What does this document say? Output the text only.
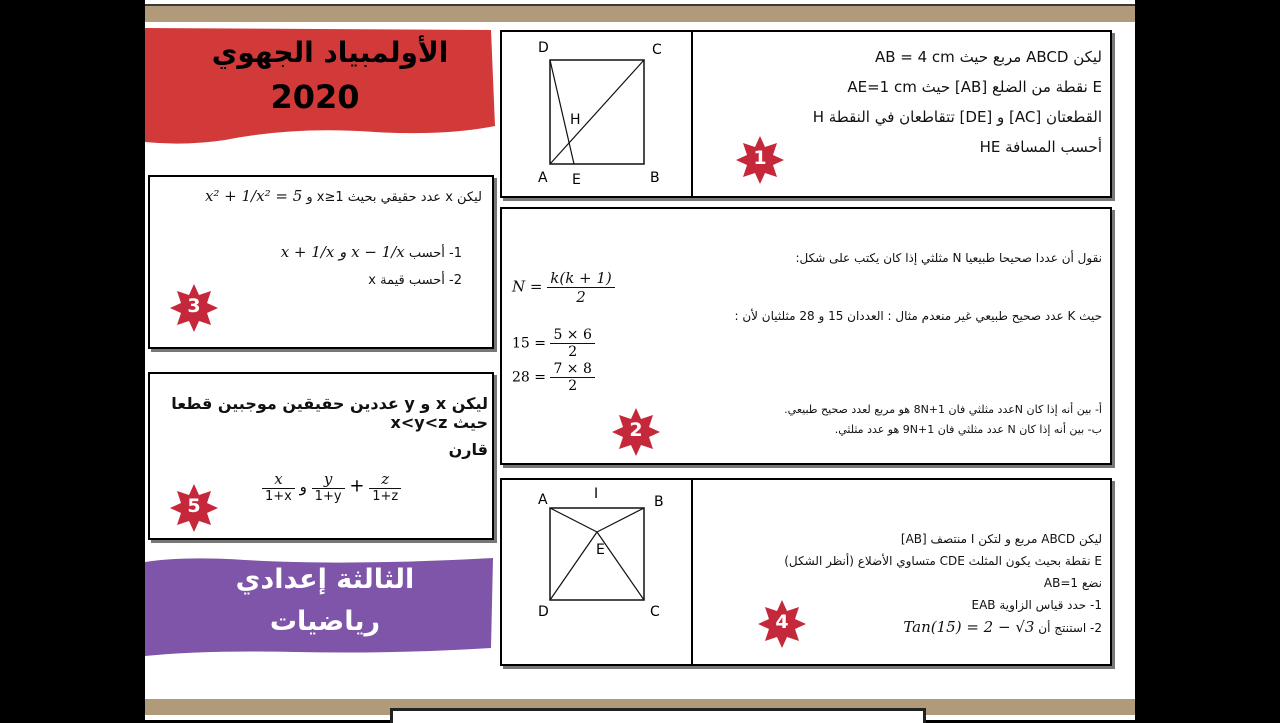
الأولمبياد الجهوي
2020
الثالثة إعدادي
رياضيات
D	C
A	B
E
H
ليكن ABCD مربع حيث AB = 4 cm
E نقطة من الضلع [AB] حيث AE=1 cm
القطعتان [AC] و [DE] تتقاطعان في النقطة H
أحسب المسافة HE
نقول أن عددا صحيحا طبيعيا N مثلثي إذا كان يكتب على شكل:
$N = \frac{k(k + 1)}{2}$
حيث K عدد صحيح طبيعي غير منعدم مثال : العددان 15 و 28 مثلثيان لأن :
$15 = \frac{5 \times 6}{2}$
$28 = \frac{7 \times 8}{2}$
أ- بين أنه إذا كان Nعدد مثلثي فان 8N+1 هو مربع لعدد صحيح طبيعي.
ب- بين أنه إذا كان N عدد مثلثي فان 9N+1 هو عدد مثلثي.
ليكن x عدد حقيقي بحيث x≥1 و x² + 1/x² = 5
1- أحسب x + 1/x و x − 1/x
2- أحسب قيمة x
ليكن x و y عددين حقيقين موجبين قطعا حيث x<y<z
قارن
$\frac{x}{1+x}$ و $\frac{y}{1+y} + \frac{z}{1+z}$	A	I	B
E
D	C
ليكن ABCD مربع و لتكن I منتصف [AB]
E نقطة بحيث يكون المثلث CDE متساوي الأضلاع (أنظر الشكل)
نضع AB=1
1- حدد قياس الزاوية EAB
2- استنتج أن Tan(15) = 2 − √3
1
2
3
4
5
